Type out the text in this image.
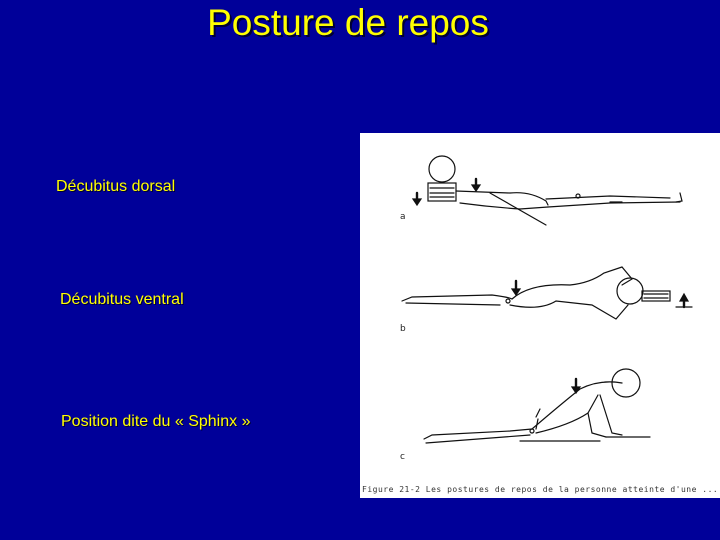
Posture de repos
Décubitus dorsal
Décubitus ventral
Position dite du « Sphinx »
a
b
c
Figure 21-2 Les postures de repos de la personne atteinte d'une ...
